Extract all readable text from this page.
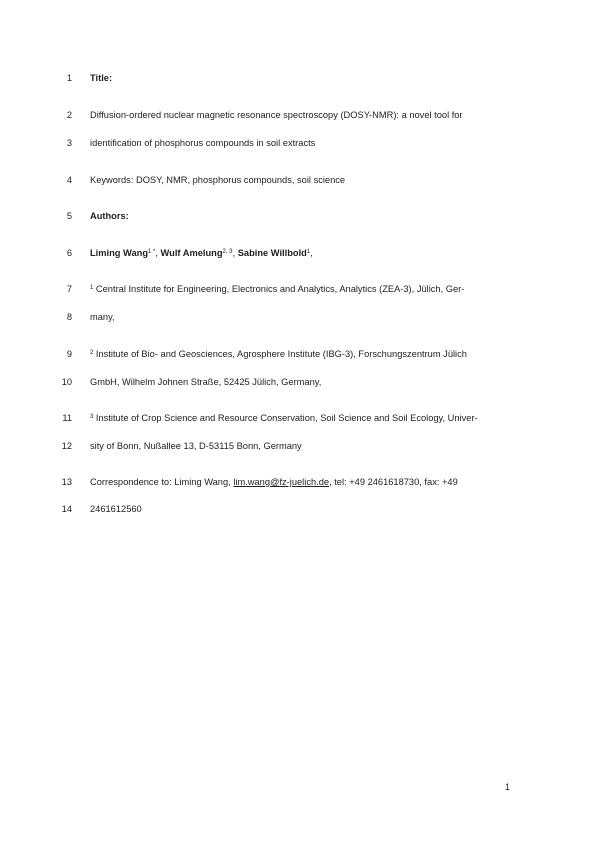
1 Title:
2 Diffusion-ordered nuclear magnetic resonance spectroscopy (DOSY-NMR): a novel tool for
3 identification of phosphorus compounds in soil extracts
4 Keywords: DOSY, NMR, phosphorus compounds, soil science
5 Authors:
6 Liming Wang$^{1 *}$, Wulf Amelung$^{2, 3}$, Sabine Willbold$^1$,
7	$^1$ Central Institute for Engineering, Electronics and Analytics, Analytics (ZEA-3), Jülich, Ger-
8 many,
9	$^2$ Institute of Bio- and Geosciences, Agrosphere Institute (IBG-3), Forschungszentrum Jülich
10 GmbH, Wilhelm Johnen Straße, 52425 Jülich, Germany,
11	$^3$ Institute of Crop Science and Resource Conservation, Soil Science and Soil Ecology, Univer-
12 sity of Bonn, Nußallee 13, D-53115 Bonn, Germany
13 Correspondence to: Liming Wang, lim.wang@fz-juelich.de, tel: +49 2461618730, fax: +49
14 2461612560
1
